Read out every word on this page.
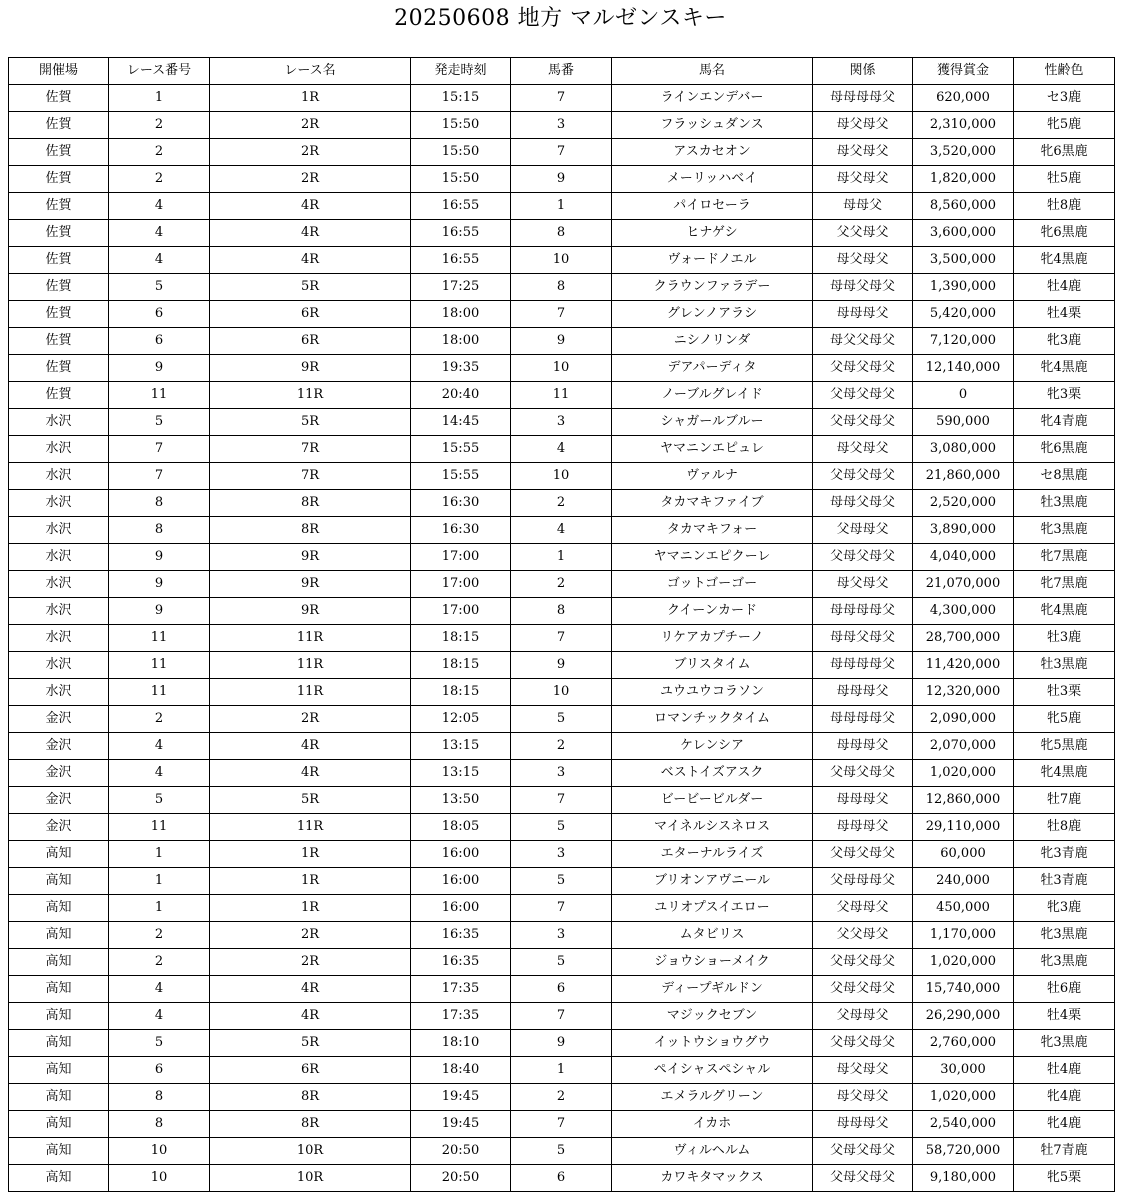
20250608 地方 マルゼンスキー
開催場	レース番号	レース名	発走時刻	馬番	馬名	関係	獲得賞金	性齢色
佐賀	1	1R	15:15	7	ラインエンデバー	母母母母父	620,000	セ3鹿
佐賀	2	2R	15:50	3	フラッシュダンス	母父母父	2,310,000	牝5鹿
佐賀	2	2R	15:50	7	アスカセオン	母父母父	3,520,000	牝6黒鹿
佐賀	2	2R	15:50	9	メーリッハベイ	母父母父	1,820,000	牡5鹿
佐賀	4	4R	16:55	1	パイロセーラ	母母父	8,560,000	牡8鹿
佐賀	4	4R	16:55	8	ヒナゲシ	父父母父	3,600,000	牝6黒鹿
佐賀	4	4R	16:55	10	ヴォードノエル	母父母父	3,500,000	牝4黒鹿
佐賀	5	5R	17:25	8	クラウンファラデー	母母父母父	1,390,000	牡4鹿
佐賀	6	6R	18:00	7	グレンノアラシ	母母母父	5,420,000	牡4栗
佐賀	6	6R	18:00	9	ニシノリンダ	母父父母父	7,120,000	牝3鹿
佐賀	9	9R	19:35	10	デアパーディタ	父母父母父	12,140,000	牝4黒鹿
佐賀	11	11R	20:40	11	ノーブルグレイド	父母父母父	0	牝3栗
水沢	5	5R	14:45	3	シャガールブルー	父母父母父	590,000	牝4青鹿
水沢	7	7R	15:55	4	ヤマニンエピュレ	母父母父	3,080,000	牝6黒鹿
水沢	7	7R	15:55	10	ヴァルナ	父母父母父	21,860,000	セ8黒鹿
水沢	8	8R	16:30	2	タカマキファイブ	母母父母父	2,520,000	牡3黒鹿
水沢	8	8R	16:30	4	タカマキフォー	父母母父	3,890,000	牝3黒鹿
水沢	9	9R	17:00	1	ヤマニンエピクーレ	父母父母父	4,040,000	牝7黒鹿
水沢	9	9R	17:00	2	ゴットゴーゴー	母父母父	21,070,000	牝7黒鹿
水沢	9	9R	17:00	8	クイーンカード	母母母母父	4,300,000	牝4黒鹿
水沢	11	11R	18:15	7	リケアカプチーノ	母母父母父	28,700,000	牡3鹿
水沢	11	11R	18:15	9	ブリスタイム	母母母母父	11,420,000	牡3黒鹿
水沢	11	11R	18:15	10	ユウユウコラソン	母母母父	12,320,000	牡3栗
金沢	2	2R	12:05	5	ロマンチックタイム	母母母母父	2,090,000	牝5鹿
金沢	4	4R	13:15	2	ケレンシア	母母母父	2,070,000	牝5黒鹿
金沢	4	4R	13:15	3	ベストイズアスク	父母父母父	1,020,000	牝4黒鹿
金沢	5	5R	13:50	7	ビービービルダー	母母母父	12,860,000	牡7鹿
金沢	11	11R	18:05	5	マイネルシスネロス	母母母父	29,110,000	牡8鹿
高知	1	1R	16:00	3	エターナルライズ	父母父母父	60,000	牝3青鹿
高知	1	1R	16:00	5	ブリオンアヴニール	父母母母父	240,000	牡3青鹿
高知	1	1R	16:00	7	ユリオプスイエロー	父母母父	450,000	牝3鹿
高知	2	2R	16:35	3	ムタビリス	父父母父	1,170,000	牝3黒鹿
高知	2	2R	16:35	5	ジョウショーメイク	父母父母父	1,020,000	牝3黒鹿
高知	4	4R	17:35	6	ディープギルドン	父母父母父	15,740,000	牡6鹿
高知	4	4R	17:35	7	マジックセブン	父母母父	26,290,000	牡4栗
高知	5	5R	18:10	9	イットウショウグウ	父母父母父	2,760,000	牝3黒鹿
高知	6	6R	18:40	1	ペイシャスペシャル	母父母父	30,000	牡4鹿
高知	8	8R	19:45	2	エメラルグリーン	母父母父	1,020,000	牝4鹿
高知	8	8R	19:45	7	イカホ	母母母父	2,540,000	牝4鹿
高知	10	10R	20:50	5	ヴィルヘルム	父母父母父	58,720,000	牡7青鹿
高知	10	10R	20:50	6	カワキタマックス	父母父母父	9,180,000	牝5栗
